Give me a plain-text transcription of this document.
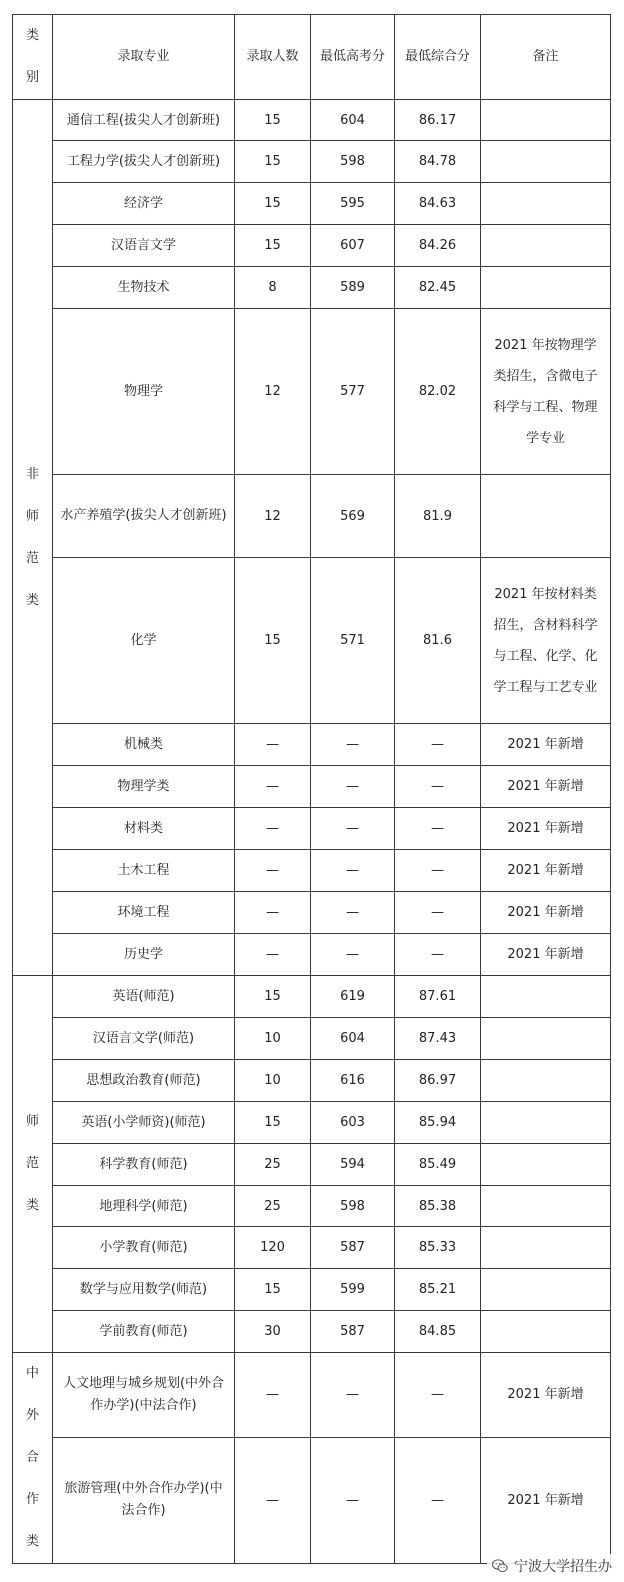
类
别	录取专业	录取人数	最低高考分	最低综合分	备注

非
师
范
类	通信工程(拔尖人才创新班)	15	604	86.17	
	工程力学(拔尖人才创新班)	15	598	84.78	
	经济学	15	595	84.63	
	汉语言文学	15	607	84.26	
	生物技术	8	589	82.45	
	物理学	12	577	82.02	2021 年按物理学类招生，含微电子科学与工程、物理学专业
	水产养殖学(拔尖人才创新班)	12	569	81.9	
	化学	15	571	81.6	2021 年按材料类招生，含材料科学与工程、化学、化学工程与工艺专业
	机械类	—	—	—	2021 年新增
	物理学类	—	—	—	2021 年新增
	材料类	—	—	—	2021 年新增
	土木工程	—	—	—	2021 年新增
	环境工程	—	—	—	2021 年新增
	历史学	—	—	—	2021 年新增

师
范
类	英语(师范)	15	619	87.61	
	汉语言文学(师范)	10	604	87.43	
	思想政治教育(师范)	10	616	86.97	
	英语(小学师资)(师范)	15	603	85.94	
	科学教育(师范)	25	594	85.49	
	地理科学(师范)	25	598	85.38	
	小学教育(师范)	120	587	85.33	
	数学与应用数学(师范)	15	599	85.21	
	学前教育(师范)	30	587	84.85	

中
外
合
作
类	人文地理与城乡规划(中外合作办学)(中法合作)	—	—	—	2021 年新增
	旅游管理(中外合作办学)(中法合作)	—	—	—	2021 年新增
宁波大学招生办
